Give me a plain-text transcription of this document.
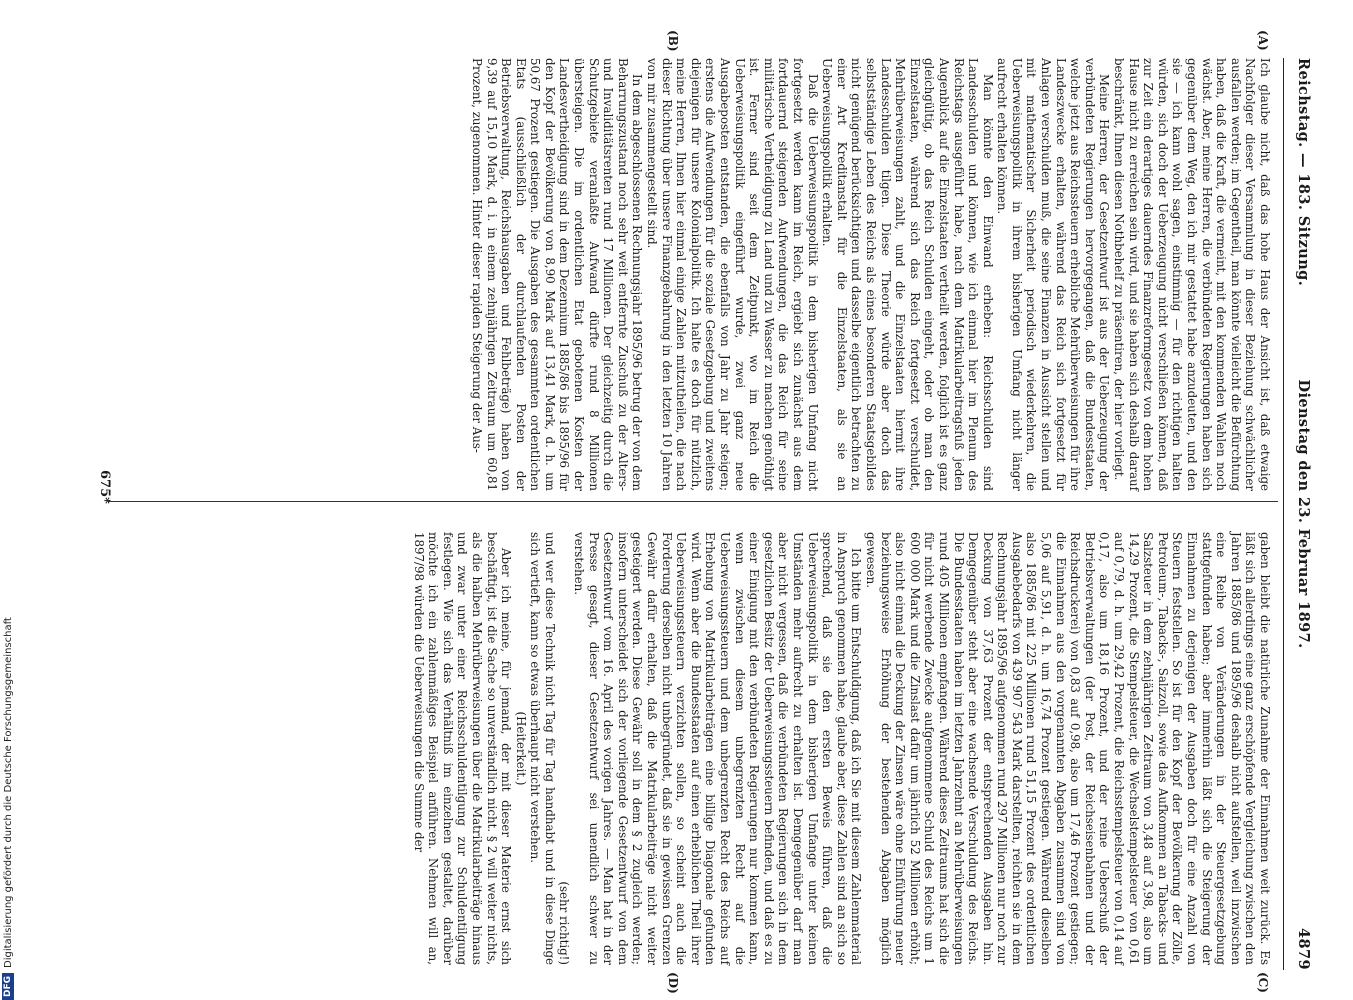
Reichstag. — 183. Sitzung.
Dienstag den 23. Februar 1897.
4879
(A)
(B)
(C)
(D)

Ich glaube nicht, daß das hohe Haus der Ansicht ist, daß etwaige Nachfolger dieser Versammlung in dieser Beziehung schwächlicher ausfallen werden; im Gegentheil, man könnte vielleicht die Befürchtung haben, daß die Kraft, die vermeint, mit den kommenden Wahlen noch wächst. Aber, meine Herren, die verbündeten Regierungen haben sich gegenüber dem Weg, den ich mir gestattet habe anzudeuten, und den sie — ich kann wohl sagen, einstimmig — für den richtigen halten würden, sich doch der Ueberzeugung nicht verschließen können, daß zur Zeit ein derartiges dauerndes Finanzreformgesetz von dem hohen Hause nicht zu erreichen sein wird, und sie haben sich deshalb darauf beschränkt, Ihnen diesen Nothbehelf zu präsentiren, der hier vorliegt.

Meine Herren, der Gesetzentwurf ist aus der Ueberzeugung der verbündeten Regierungen hervorgegangen, daß die Bundesstaaten, welche jetzt aus Reichssteuern erhebliche Mehrüberweisungen für ihre Landeszwecke erhalten, während das Reich sich fortgesetzt für Anlagen verschulden muß, die seine Finanzen in Aussicht stellen und mit mathematischer Sicherheit periodisch wiederkehren, die Ueberweisungspolitik in ihrem bisherigen Umfang nicht länger aufrecht erhalten können.

Man könnte den Einwand erheben: Reichsschulden sind Landesschulden und können, wie ich einmal hier im Plenum des Reichstags ausgeführt habe, nach dem Matrikularbeitragsfuß jeden Augenblick auf die Einzelstaaten vertheilt werden, folglich ist es ganz gleichgültig, ob das Reich Schulden eingeht, oder ob man den Einzelstaaten, während sich das Reich fortgesetzt verschuldet, Mehrüberweisungen zahlt, und die Einzelstaaten hiermit ihre Landesschulden tilgen. Diese Theorie würde aber doch das selbstständige Leben des Reichs als eines besonderen Staatsgebildes nicht genügend berücksichtigen und dasselbe eigentlich betrachten zu einer Art Kreditanstalt für die Einzelstaaten, als sie an Ueberweisungspolitik erhalten.

Daß die Ueberweisungspolitik in dem bisherigen Umfang nicht fortgesetzt werden kann im Reich, ergiebt sich zunächst aus dem fortdauernd steigenden Aufwendungen, die das Reich für seine militärische Vertheidigung zu Land und zu Wasser zu machen genöthigt ist. Ferner sind seit dem Zeitpunkt, wo im Reich die Ueberweisungspolitik eingeführt wurde, zwei ganz neue Ausgabeposten entstanden, die ebenfalls von Jahr zu Jahr steigen; erstens die Aufwendungen für die soziale Gesetzgebung und zweitens diejenigen für unsere Kolonialpolitik. Ich halte es doch für nützlich, meine Herren, Ihnen hier einmal einige Zahlen mitzutheilen, die nach dieser Richtung über unsere Finanzgebahrung in den letzten 10 Jahren von mir zusammengestellt sind.

In dem abgeschlossenen Rechnungsjahr 1895/96 betrug der von dem Beharrungszustand noch sehr weit entfernte Zuschuß zu der Alters- und Invaliditätsrenten rund 17 Millionen. Der gleichzeitig durch die Schutzgebiete veranlaßte Aufwand dürfte rund 8 Millionen übersteigen. Die im ordentlichen Etat gebotenen Kosten der Landesvertheidigung sind in dem Dezennium 1885/86 bis 1895/96 für den Kopf der Bevölkerung von 8,90 Mark auf 13,41 Mark, d. h. um 50,67 Prozent gestiegen. Die Ausgaben des gesammten ordentlichen Etats (ausschließlich der durchlaufenden Posten der Betriebsverwaltung, Reichshausgaben und Fehlbeträge) haben von 9,39 auf 15,10 Mark, d. i. in einem zehnjährigen Zeitraum um 60,81 Prozent, zugenommen. Hinter dieser rapiden Steigerung der Aus-

gaben bleibt die natürliche Zunahme der Einnahmen weit zurück. Es läßt sich allerdings eine ganz erschöpfende Vergleichung zwischen den Jahren 1885/86 und 1895/96 deshalb nicht aufstellen, weil inzwischen eine Reihe von Veränderungen in der Steuergesetzgebung stattgefunden haben; aber immerhin läßt sich die Steigerung der Einnahmen zu derjenigen der Ausgaben doch für eine Anzahl von Steuern feststellen. So ist für den Kopf der Bevölkerung der Zölle, Petroleum-, Tabacks-, Salzzoll, sowie das Aufkommen an Tabacks- und Salzsteuer in dem zehnjährigen Zeitraum von 3,48 auf 3,98, also um 14,29 Prozent, die Stempelsteuer, die Wechselstempelsteuer von 0,61 auf 0,79, d. h. um 29,42 Prozent, die Reichsstempelsteuer von 0,14 auf 0,17, also um 18,16 Prozent, und der reine Ueberschuß der Betriebsverwaltungen (der Post, der Reichseisenbahnen und der Reichsdruckerei) von 0,83 auf 0,98, also um 17,46 Prozent gestiegen; die Einnahmen aus den vorgenannten Abgaben zusammen sind von 5,06 auf 5,91, d. h. um 16,74 Prozent gestiegen. Während dieselben also 1885/86 mit 225 Millionen rund 51,15 Prozent des ordentlichen Ausgabebedarfs von 439 907 543 Mark darstellten, reichten sie in dem Rechnungsjahr 1895/96 aufgenommen rund 297 Millionen nur noch zur Deckung von 37,63 Prozent der entsprechenden Ausgaben hin. Demgegenüber steht aber eine wachsende Verschuldung des Reichs. Die Bundesstaaten haben im letzten Jahrzehnt an Mehrüberweisungen rund 405 Millionen empfangen. Während dieses Zeitraums hat sich die für nicht werbende Zwecke aufgenommene Schuld des Reichs um 1 600 000 Mark und die Zinslast dafür um jährlich 52 Millionen erhöht; also nicht einmal die Deckung der Zinsen wäre ohne Einführung neuer beziehungsweise Erhöhung der bestehenden Abgaben möglich gewesen.

Ich bitte um Entschuldigung, daß ich Sie mit diesem Zahlenmaterial in Anspruch genommen habe, glaube aber, diese Zahlen sind an sich so sprechend, daß sie den ersten Beweis führen, daß die Ueberweisungspolitik in dem bisherigen Umfange unter keinen Umständen mehr aufrecht zu erhalten ist. Demgegenüber darf man aber nicht vergessen, daß die verbündeten Regierungen sich in dem gesetzlichen Besitz der Ueberweisungssteuern befinden, und daß es zu einer Einigung mit den verbündeten Regierungen nur kommen kann, wenn zwischen diesem unbegrenzten Recht auf die Ueberweisungssteuern und dem unbegrenzten Recht des Reichs auf Erhebung von Matrikularbeiträgen eine billige Diagonale gefunden wird. Wenn aber die Bundesstaaten auf einen erheblichen Theil ihrer Ueberweisungssteuern verzichten sollen, so scheint auch die Forderung derselben nicht unbegründet, daß sie in gewissen Grenzen Gewähr dafür erhalten, daß die Matrikularbeiträge nicht weiter gesteigert werden. Diese Gewähr soll in dem § 2 zugleich werden; insofern unterscheidet sich der vorliegende Gesetzentwurf von dem Gesetzentwurf vom 16. April des vorigen Jahres. — Man hat in der Presse gesagt, dieser Gesetzentwurf sei unendlich schwer zu verstehen.

(sehr richtig!)

und wer diese Technik nicht Tag für Tag handhabt und in diese Dinge sich vertieft, kann so etwas überhaupt nicht verstehen.

(Heiterkeit.)

Aber ich meine, für jemand, der mit dieser Materie ernst sich beschäftigt, ist die Sache so unverständlich nicht. § 2 will weiter nichts, als die halben Mehrüberweisungen über die Matrikularbeiträge hinaus und zwar unter einer Reichsschuldentilgung zur Schuldentilgung festlegen. Wie sich das Verhältniß im einzelnen gestaltet, darüber möchte ich ein zahlenmäßiges Beispiel anführen. Nehmen will an, 1897/98 würden die Ueberweisungen die Summe der

675*
DFGDigitalisierung gefördert durch die Deutsche Forschungsgemeinschaft
